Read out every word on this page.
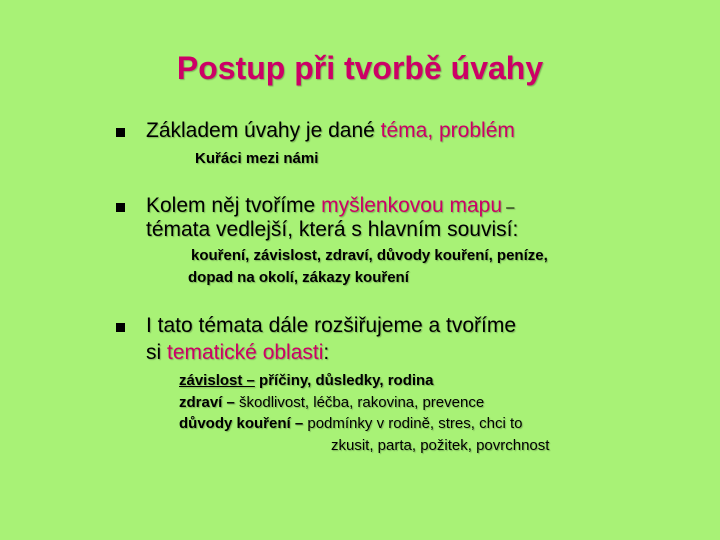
Postup při tvorbě úvahy

Základem úvahy je dané téma, problém

Kuřáci mezi námi

Kolem něj tvoříme myšlenkovou mapu –

témata vedlejší, která s hlavním souvisí:

kouření, závislost, zdraví, důvody kouření, peníze,

dopad na okolí, zákazy kouření

I tato témata dále rozšiřujeme a tvoříme

si tematické oblasti:

závislost – příčiny, důsledky, rodina

zdraví – škodlivost, léčba, rakovina, prevence

důvody kouření – podmínky v rodině, stres, chci to

zkusit, parta, požitek, povrchnost
